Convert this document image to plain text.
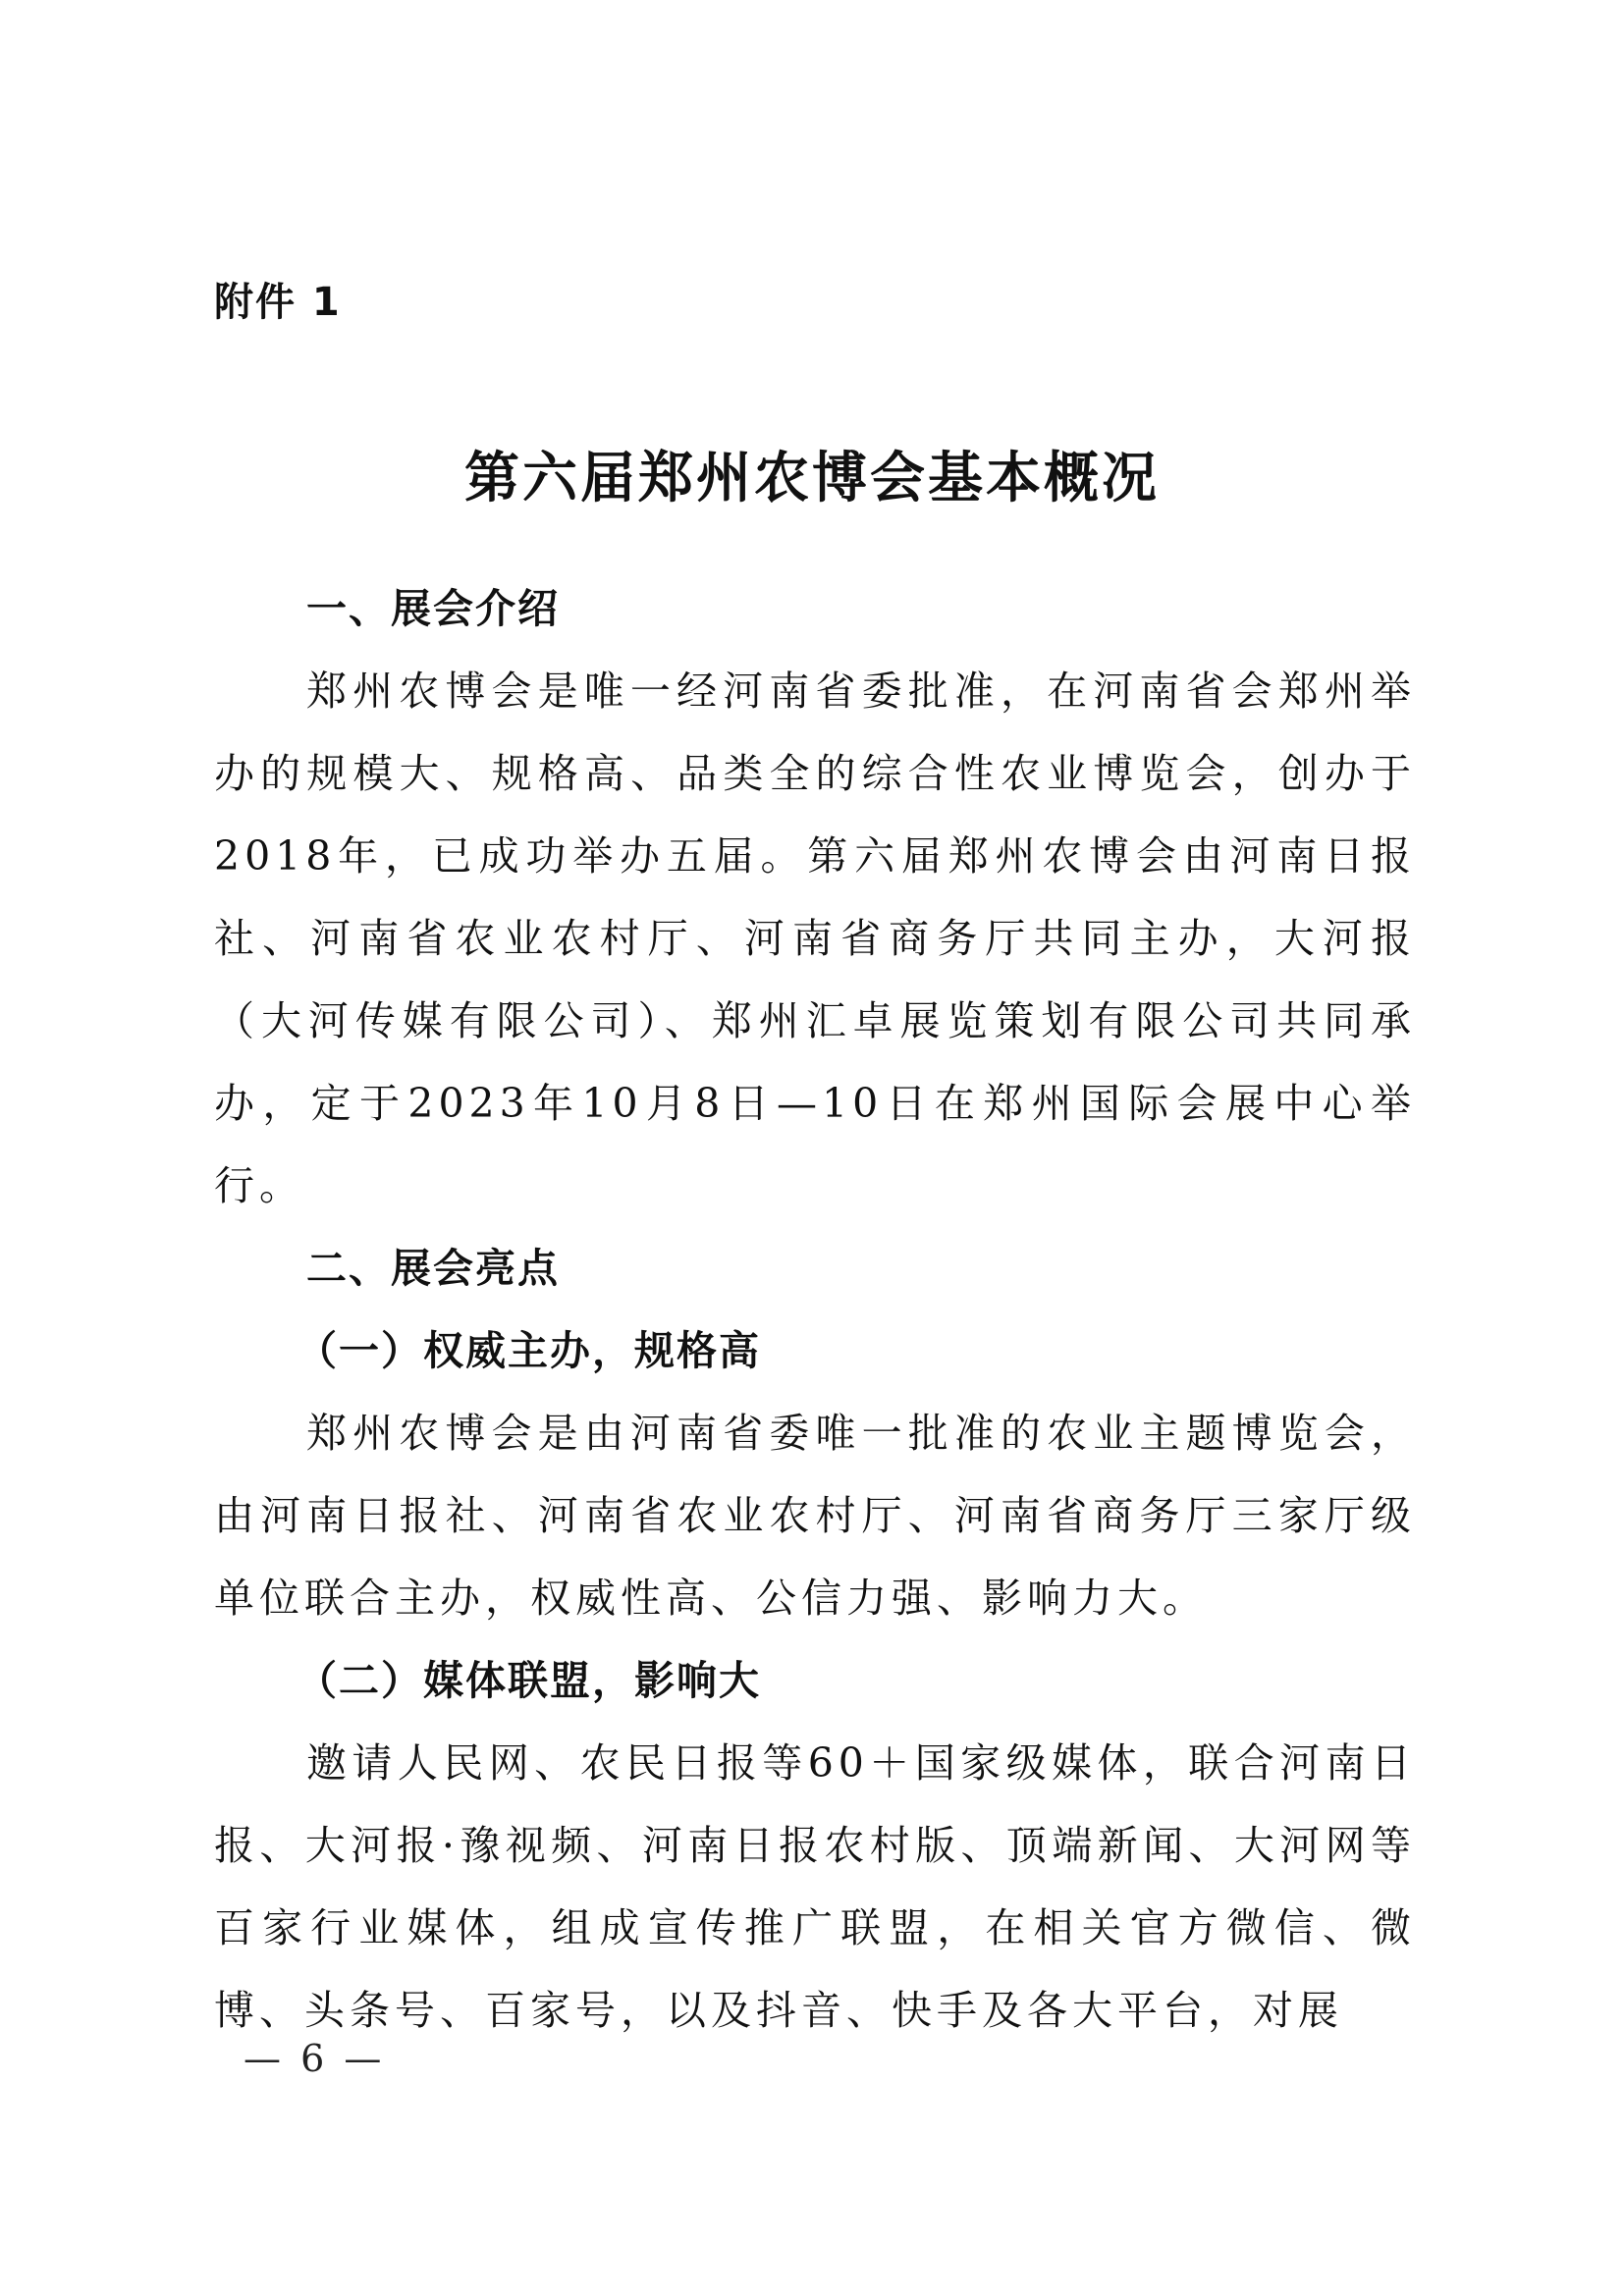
附件 1
第六届郑州农博会基本概况
一、展会介绍
郑州农博会是唯一经河南省委批准，在河南省会郑州举办的规模大、规格高、品类全的综合性农业博览会，创办于2018年，已成功举办五届。第六届郑州农博会由河南日报社、河南省农业农村厅、河南省商务厅共同主办，大河报（大河传媒有限公司）、郑州汇卓展览策划有限公司共同承办，定于2023年10月8日—10日在郑州国际会展中心举行。
二、展会亮点
（一）权威主办，规格高
郑州农博会是由河南省委唯一批准的农业主题博览会，由河南日报社、河南省农业农村厅、河南省商务厅三家厅级单位联合主办，权威性高、公信力强、影响力大。
（二）媒体联盟，影响大
邀请人民网、农民日报等60＋国家级媒体，联合河南日报、大河报·豫视频、河南日报农村版、顶端新闻、大河网等百家行业媒体，组成宣传推广联盟，在相关官方微信、微博、头条号、百家号，以及抖音、快手及各大平台，对展
— 6 —
